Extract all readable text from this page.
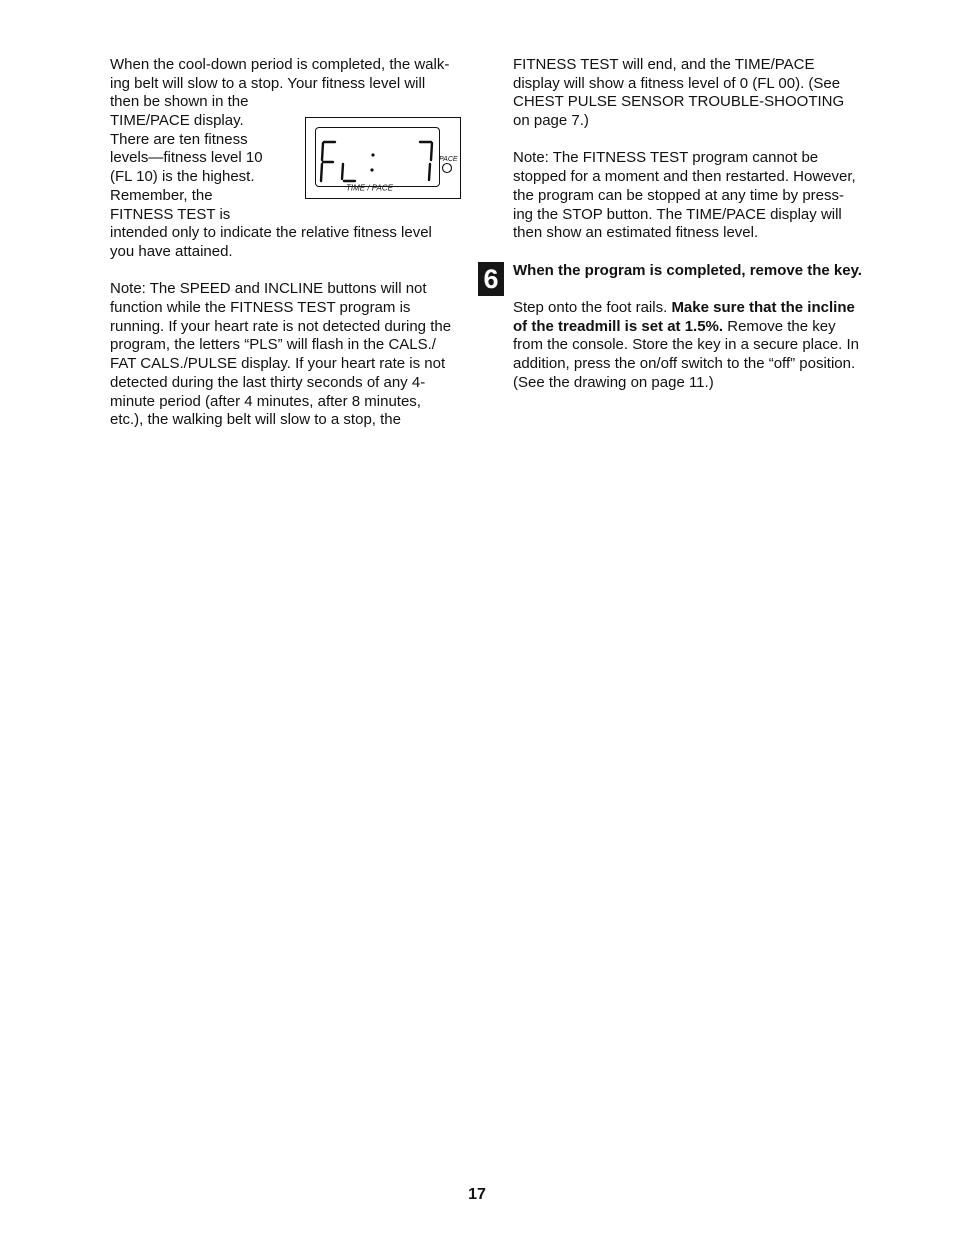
When the cool-down period is completed, the walk-
ing belt will slow to a stop. Your fitness level will
then be shown in the
TIME/PACE display.
There are ten fitness
levels—fitness level 10
(FL 10) is the highest.
Remember, the
FITNESS TEST is
intended only to indicate the relative fitness level
you have attained.
Note: The SPEED and INCLINE buttons will not
function while the FITNESS TEST program is
running. If your heart rate is not detected during the
program, the letters “PLS” will flash in the CALS./
FAT CALS./PULSE display. If your heart rate is not
detected during the last thirty seconds of any 4-
minute period (after 4 minutes, after 8 minutes,
etc.), the walking belt will slow to a stop, the
PACE
TIME / PACE
FITNESS TEST will end, and the TIME/PACE
display will show a fitness level of 0 (FL 00). (See
CHEST PULSE SENSOR TROUBLE-SHOOTING
on page 7.)
Note: The FITNESS TEST program cannot be
stopped for a moment and then restarted. However,
the program can be stopped at any time by press-
ing the STOP button. The TIME/PACE display will
then show an estimated fitness level.
6 When the program is completed, remove the key.
Step onto the foot rails. Make sure that the incline
of the treadmill is set at 1.5%. Remove the key
from the console. Store the key in a secure place. In
addition, press the on/off switch to the “off” position.
(See the drawing on page 11.)
17
